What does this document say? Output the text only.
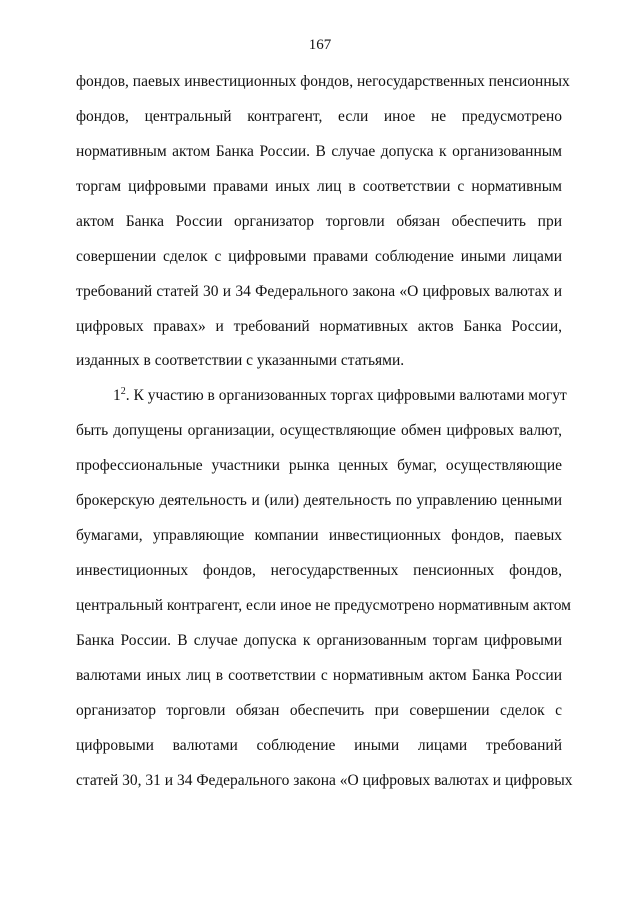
167
фондов, паевых инвестиционных фондов, негосударственных пенсионных
фондов, центральный контрагент, если иное не предусмотрено
нормативным актом Банка России. В случае допуска к организованным
торгам цифровыми правами иных лиц в соответствии с нормативным
актом Банка России организатор торговли обязан обеспечить при
совершении сделок с цифровыми правами соблюдение иными лицами
требований статей 30 и 34 Федерального закона «О цифровых валютах и
цифровых правах» и требований нормативных актов Банка России,
изданных в соответствии с указанными статьями.
$1^2$. К участию в организованных торгах цифровыми валютами могут
быть допущены организации, осуществляющие обмен цифровых валют,
профессиональные участники рынка ценных бумаг, осуществляющие
брокерскую деятельность и (или) деятельность по управлению ценными
бумагами, управляющие компании инвестиционных фондов, паевых
инвестиционных фондов, негосударственных пенсионных фондов,
центральный контрагент, если иное не предусмотрено нормативным актом
Банка России. В случае допуска к организованным торгам цифровыми
валютами иных лиц в соответствии с нормативным актом Банка России
организатор торговли обязан обеспечить при совершении сделок с
цифровыми валютами соблюдение иными лицами требований
статей 30, 31 и 34 Федерального закона «О цифровых валютах и цифровых
